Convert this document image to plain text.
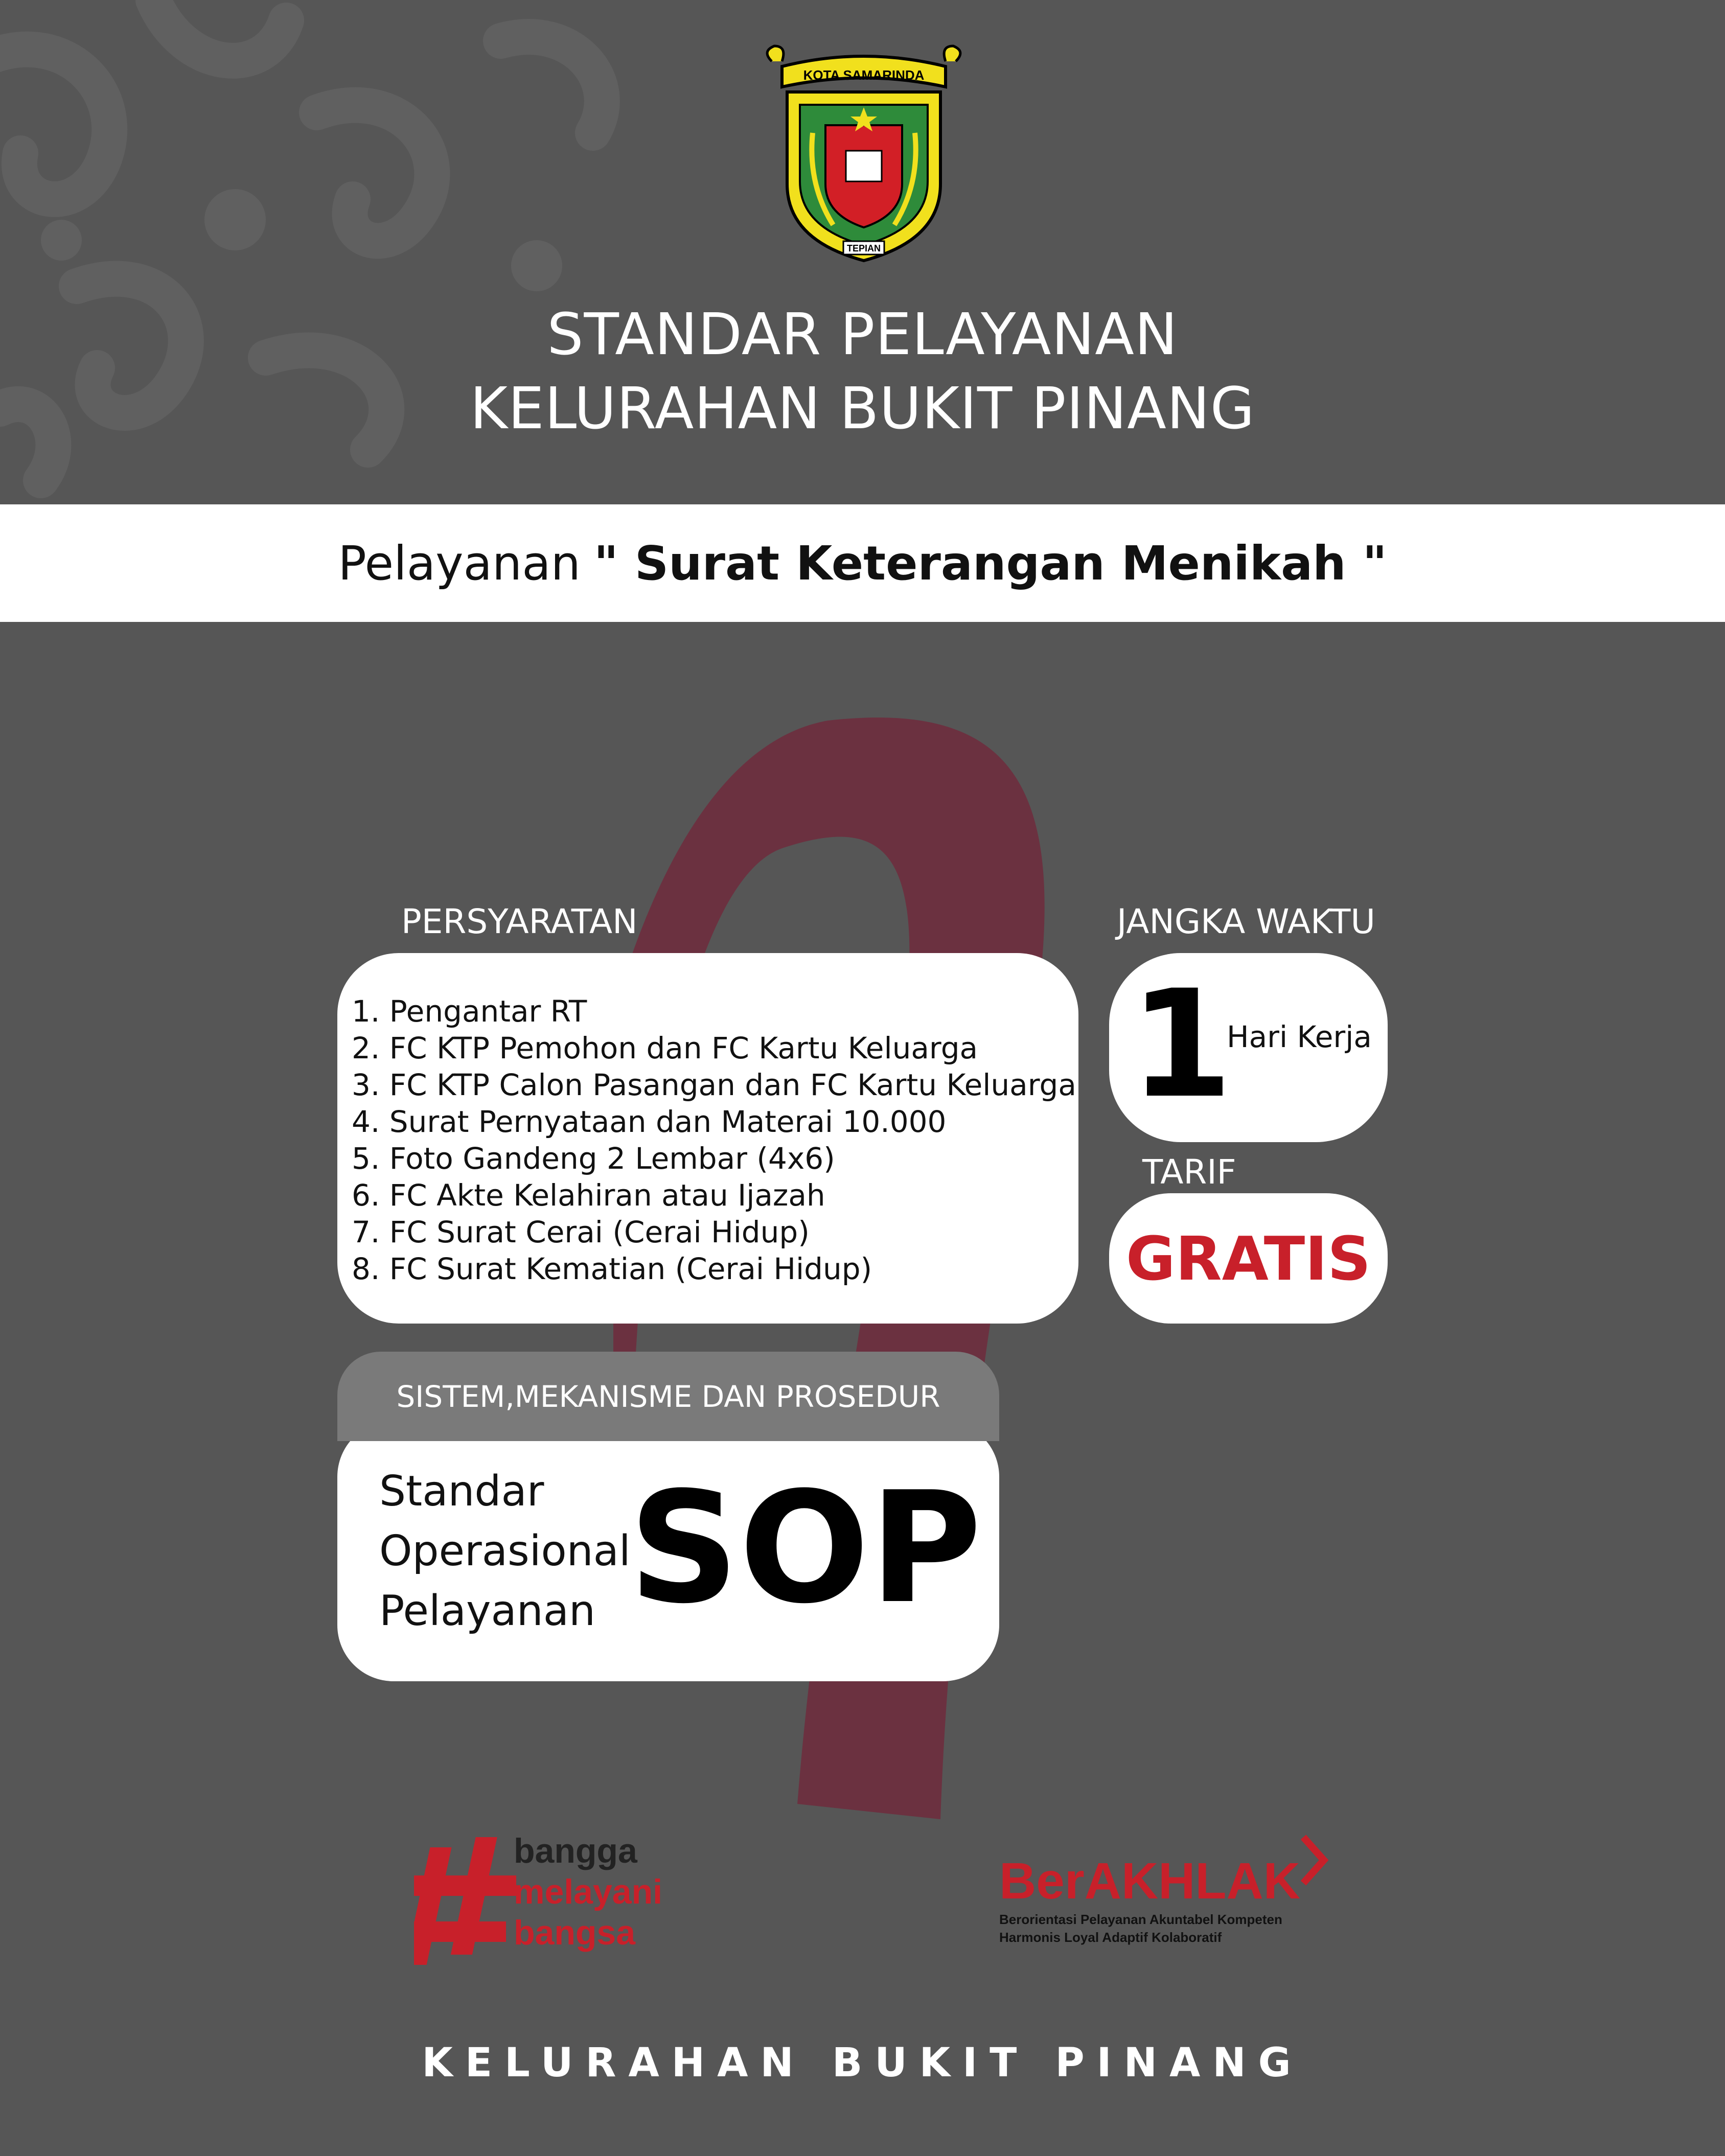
KOTA SAMARINDA
TEPIAN
STANDAR PELAYANAN
KELURAHAN BUKIT PINANG
Pelayanan " Surat Keterangan Menikah "
PERSYARATAN
1. Pengantar RT
2. FC KTP Pemohon dan FC Kartu Keluarga
3. FC KTP Calon Pasangan dan FC Kartu Keluarga
4. Surat Pernyataan dan Materai 10.000
5. Foto Gandeng 2 Lembar (4x6)
6. FC Akte Kelahiran atau Ijazah
7. FC Surat Cerai (Cerai Hidup)
8. FC Surat Kematian (Cerai Hidup)
JANGKA WAKTU
1
Hari Kerja
TARIF
GRATIS
Standar
Operasional
Pelayanan SOP
SISTEM,MEKANISME DAN PROSEDUR
bangga
melayani
bangsa
BerAKHLAK
Berorientasi Pelayanan Akuntabel Kompeten
Harmonis Loyal Adaptif Kolaboratif
KELURAHAN BUKIT PINANG
